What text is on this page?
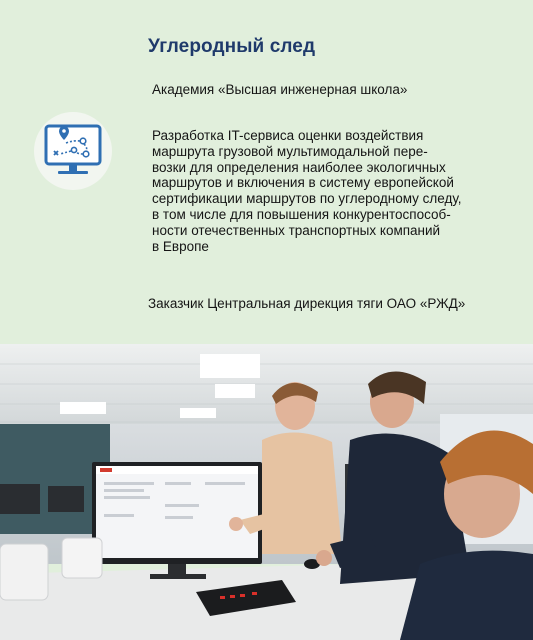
Углеродный след
Академия «Высшая инженерная школа»
Разработка IT-сервиса оценки воздействия
маршрута грузовой мультимодальной пере-
возки для определения наиболее экологичных
маршрутов и включения в систему европейской
сертификации маршрутов по углеродному следу,
в том числе для повышения конкурентоспособ-
ности отечественных транспортных компаний
в Европе
Заказчик Центральная дирекция тяги ОАО «РЖД»
